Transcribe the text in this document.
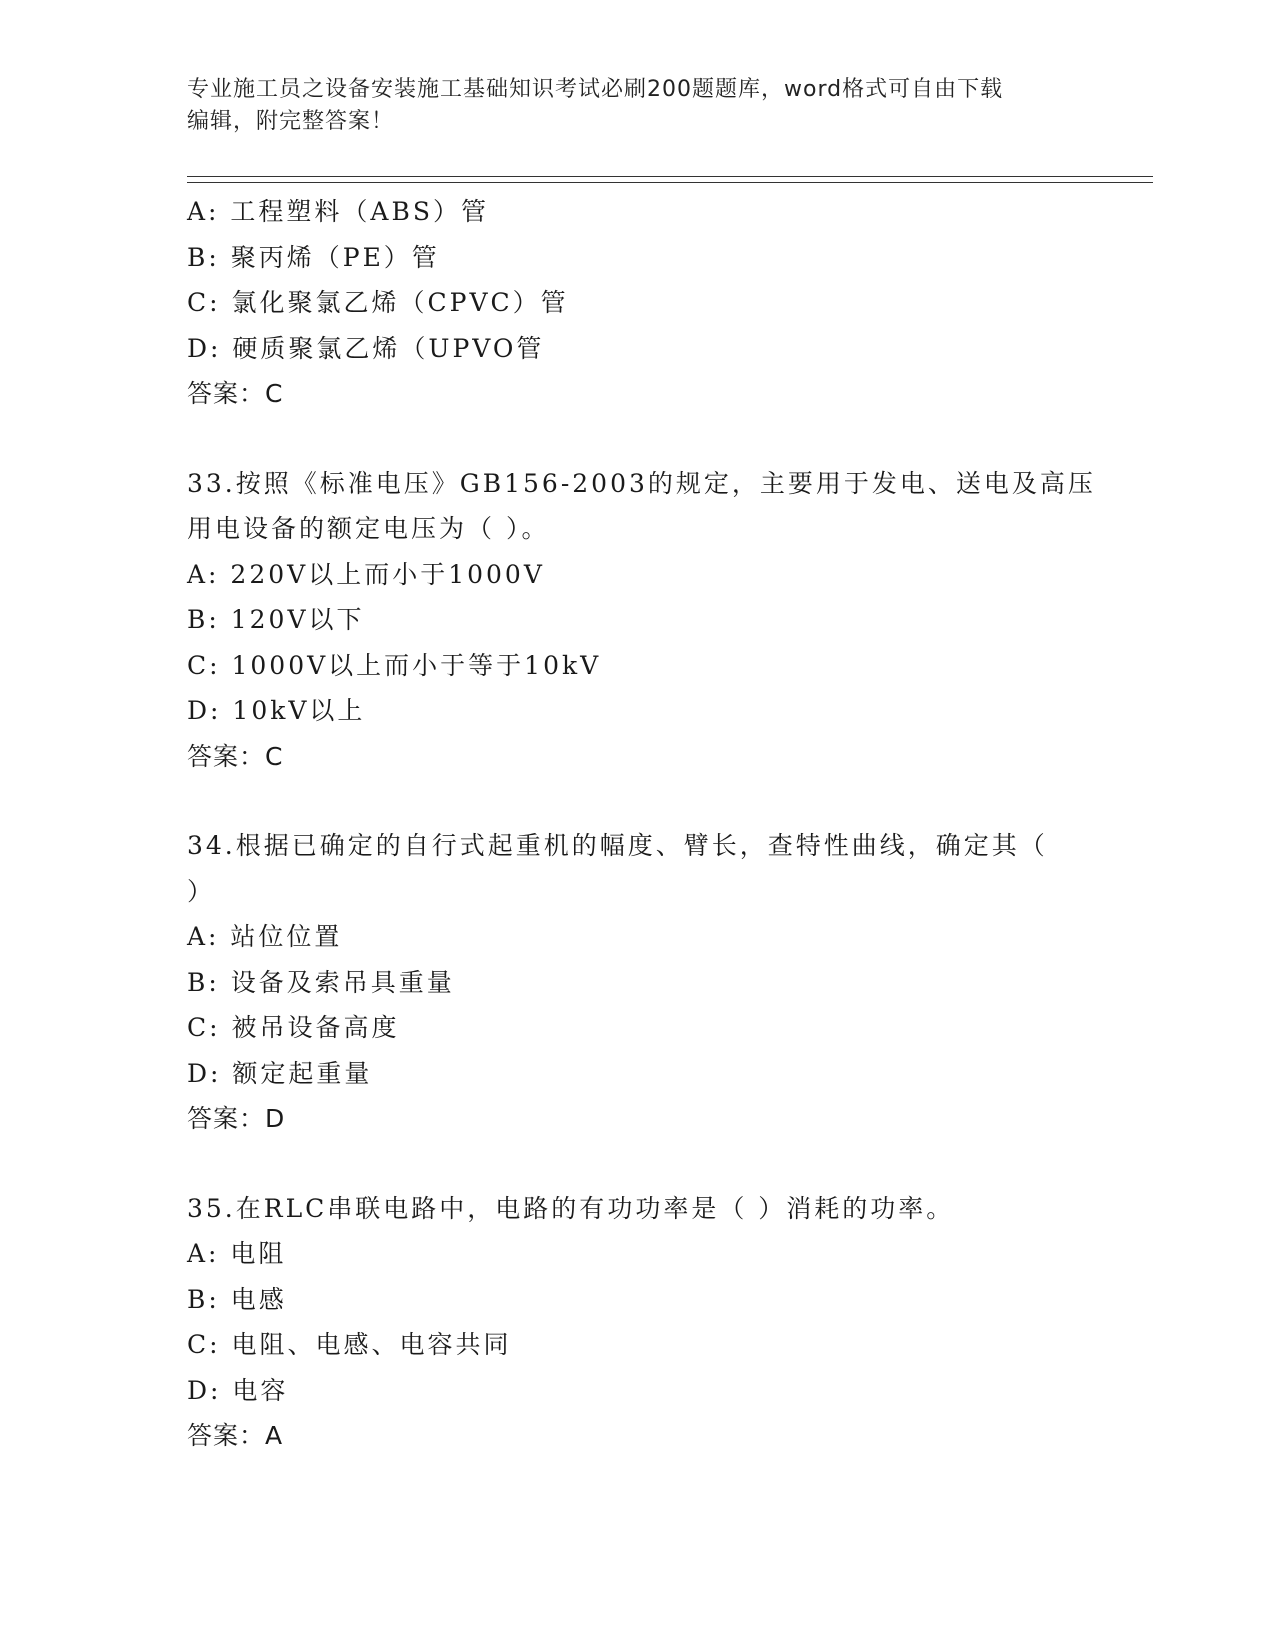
专业施工员之设备安装施工基础知识考试必刷200题题库，word格式可自由下载
编辑，附完整答案！
A: 工程塑料（ABS）管
B: 聚丙烯（PE）管
C: 氯化聚氯乙烯（CPVC）管
D: 硬质聚氯乙烯（UPVO管
答案：C
33.按照《标准电压》GB156-2003的规定，主要用于发电、送电及高压
用电设备的额定电压为（ ）。
A: 220V以上而小于1000V
B: 120V以下
C: 1000V以上而小于等于10kV
D: 10kV以上
答案：C
34.根据已确定的自行式起重机的幅度、臂长，查特性曲线，确定其（
）
A: 站位位置
B: 设备及索吊具重量
C: 被吊设备高度
D: 额定起重量
答案：D
35.在RLC串联电路中，电路的有功功率是（ ）消耗的功率。
A: 电阻
B: 电感
C: 电阻、电感、电容共同
D: 电容
答案：A
